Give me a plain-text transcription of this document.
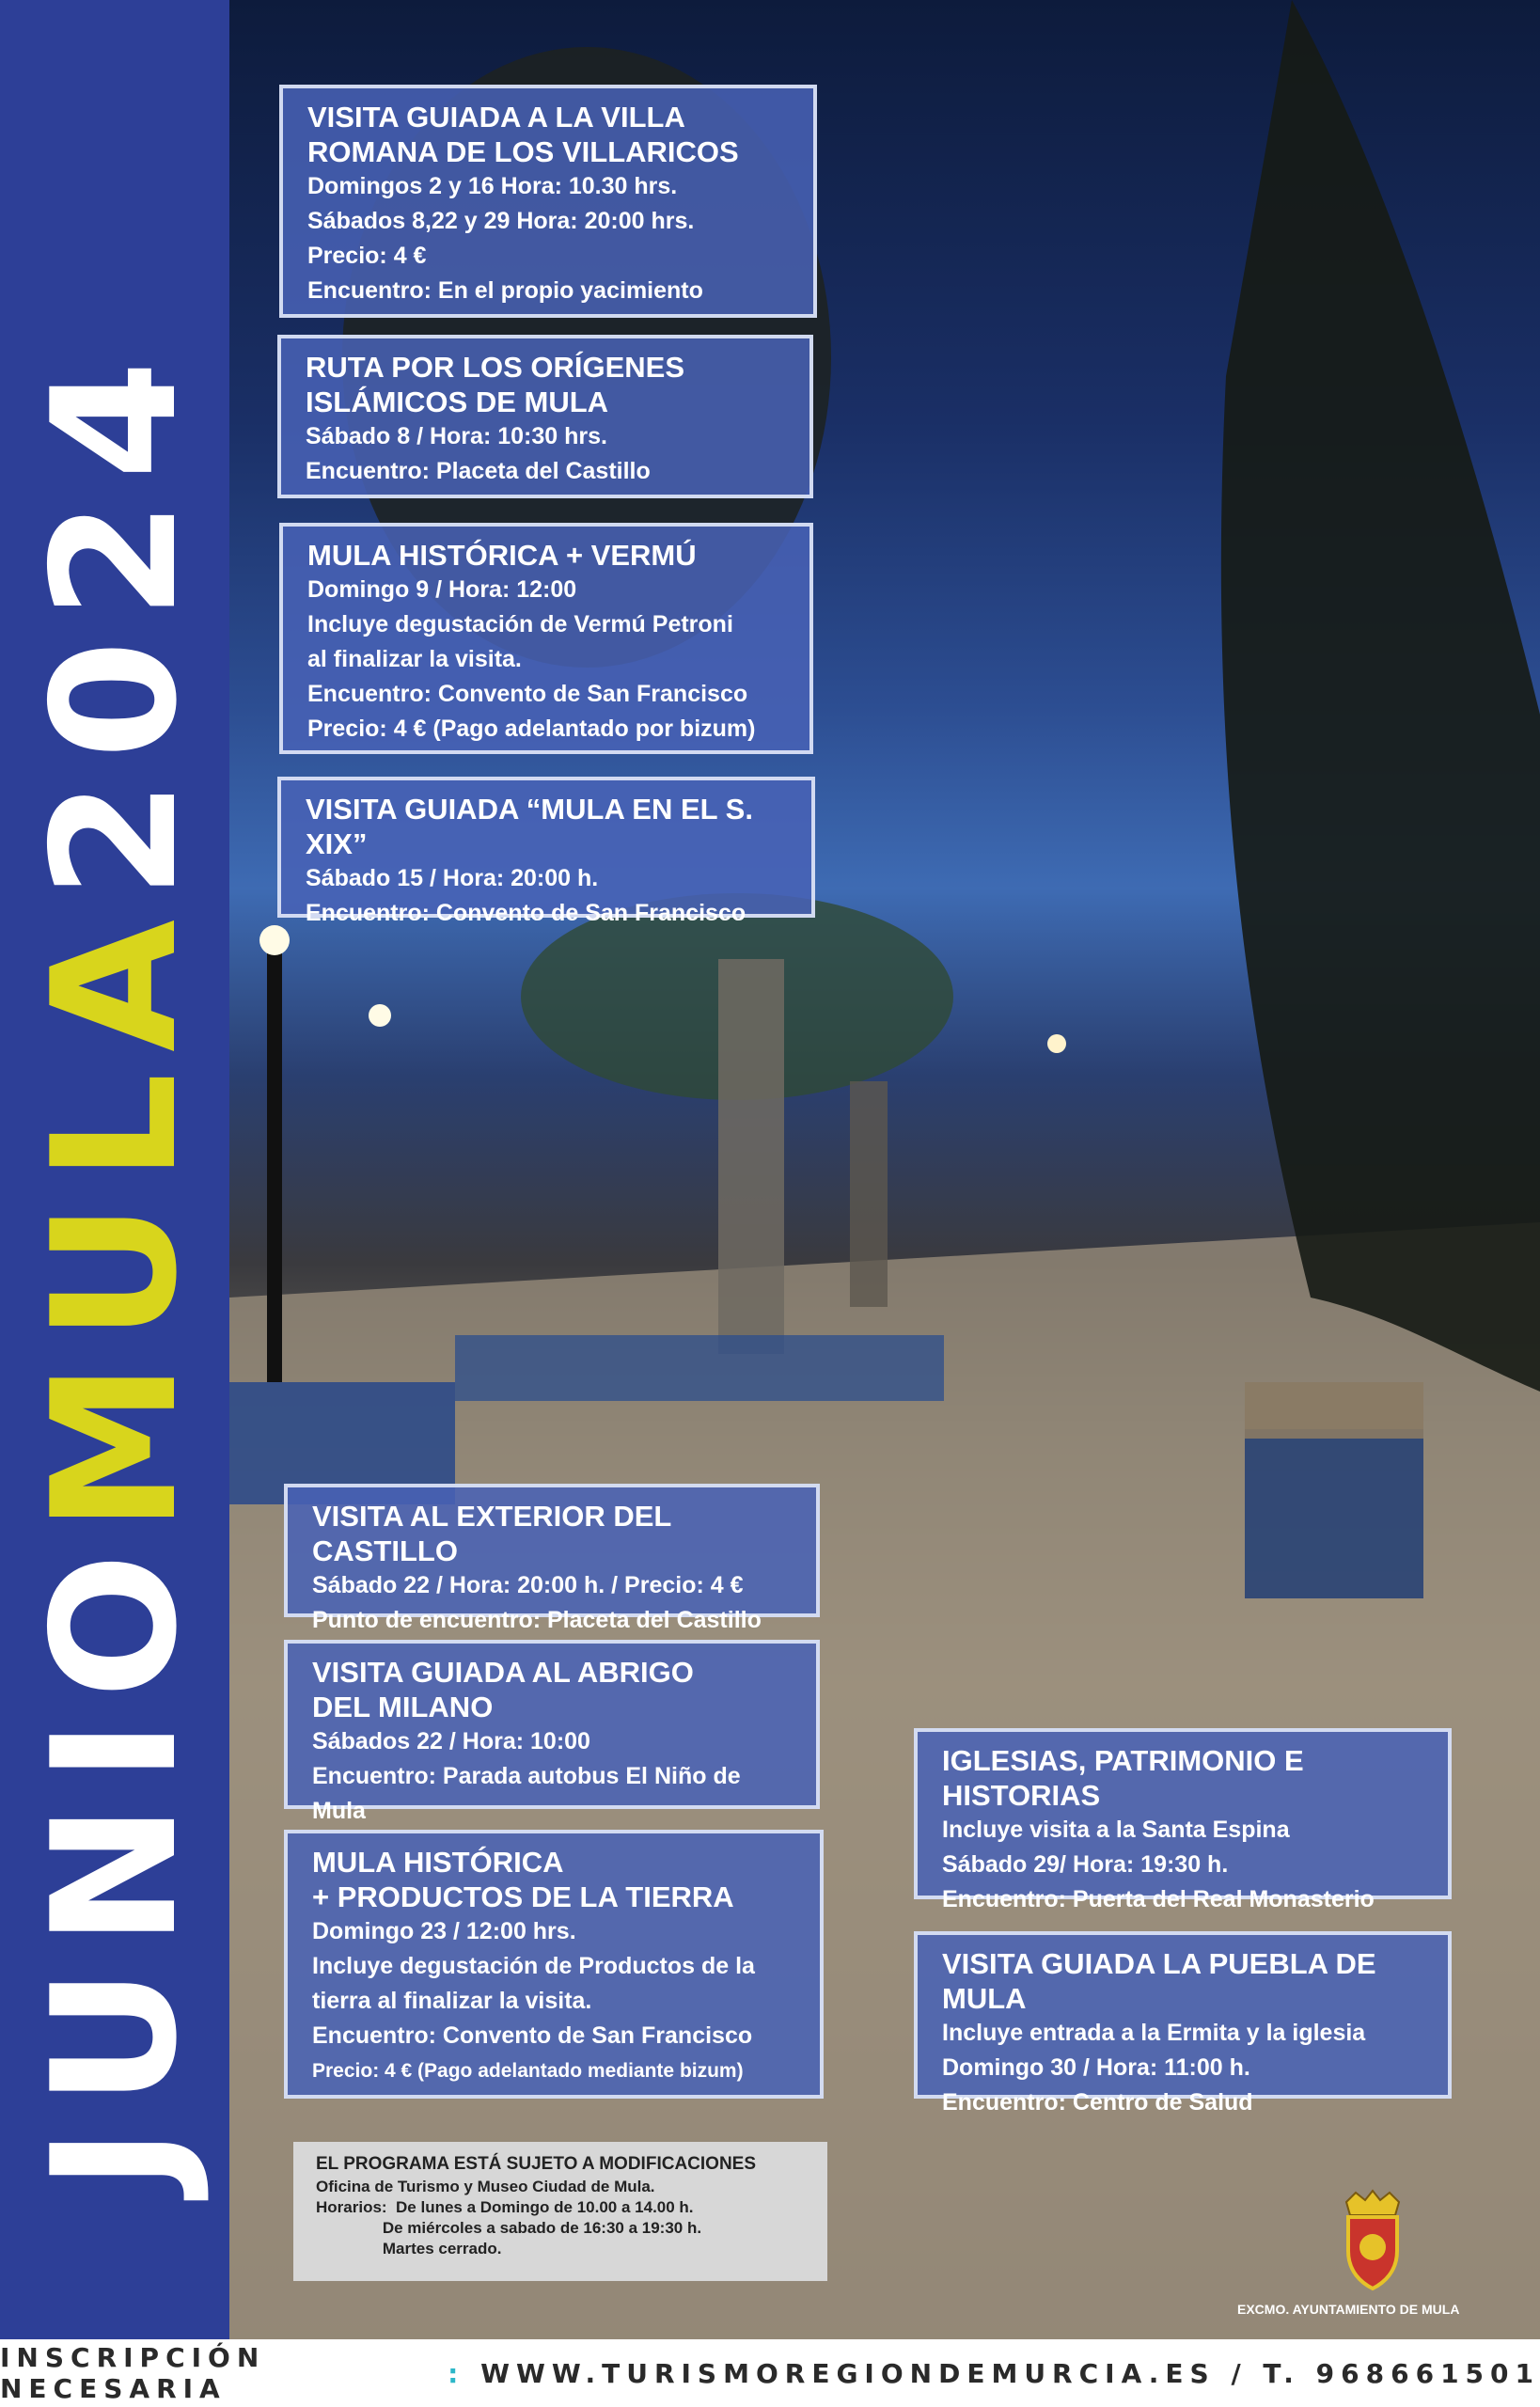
JUNIO
MULA
2024
VISITA GUIADA A LA VILLA
ROMANA DE LOS VILLARICOS
Domingos 2 y 16 Hora: 10.30 hrs.
Sábados 8,22 y 29 Hora: 20:00 hrs.
Precio: 4 €
Encuentro: En el propio yacimiento
RUTA POR LOS ORÍGENES
ISLÁMICOS DE MULA
Sábado 8 / Hora: 10:30 hrs.
Encuentro: Placeta del Castillo
MULA HISTÓRICA + VERMÚ
Domingo 9 / Hora: 12:00
Incluye degustación de Vermú Petroni
al finalizar la visita.
Encuentro: Convento de San Francisco
Precio: 4 € (Pago adelantado por bizum)
VISITA GUIADA “MULA EN EL S. XIX”
Sábado 15 / Hora: 20:00 h.
Encuentro: Convento de San Francisco
VISITA AL EXTERIOR DEL CASTILLO
Sábado 22 / Hora: 20:00 h. / Precio: 4 €
Punto de encuentro: Placeta del Castillo
VISITA GUIADA AL ABRIGO
DEL MILANO
Sábados 22 / Hora: 10:00
Encuentro: Parada autobus El Niño de Mula
MULA HISTÓRICA
+ PRODUCTOS DE LA TIERRA
Domingo 23 / 12:00 hrs.
Incluye degustación de Productos de la
tierra al finalizar la visita.
Encuentro: Convento de San Francisco
Precio: 4 € (Pago adelantado mediante bizum)
IGLESIAS, PATRIMONIO E HISTORIAS
Incluye visita a la Santa Espina
Sábado 29/ Hora: 19:30 h.
Encuentro: Puerta del Real Monasterio
VISITA GUIADA LA PUEBLA DE MULA
Incluye entrada a la Ermita y la iglesia
Domingo 30 / Hora: 11:00 h.
Encuentro: Centro de Salud
EL PROGRAMA ESTÁ SUJETO A MODIFICACIONES
Oficina de Turismo y Museo Ciudad de Mula.
Horarios:  De lunes a Domingo de 10.00 a 14.00 h.
De miércoles a sabado de 16:30 a 19:30 h.
Martes cerrado.
EXCMO. AYUNTAMIENTO DE MULA
INSCRIPCIÓN NECESARIA	: WWW.TURISMOREGIONDEMURCIA.ES / T. 968661501
